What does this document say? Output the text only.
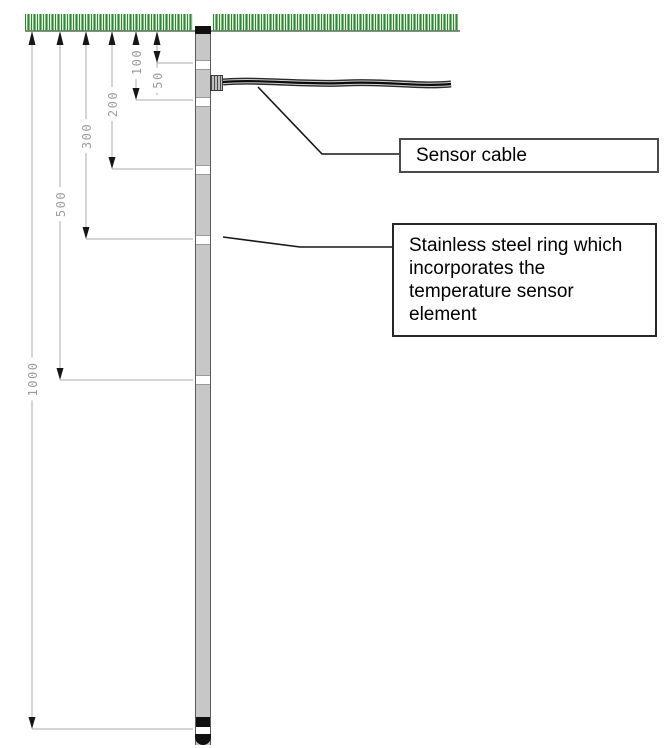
Sensor cable
Stainless steel ring which
incorporates the
temperature sensor
element
1000
500
300
200
100
50
